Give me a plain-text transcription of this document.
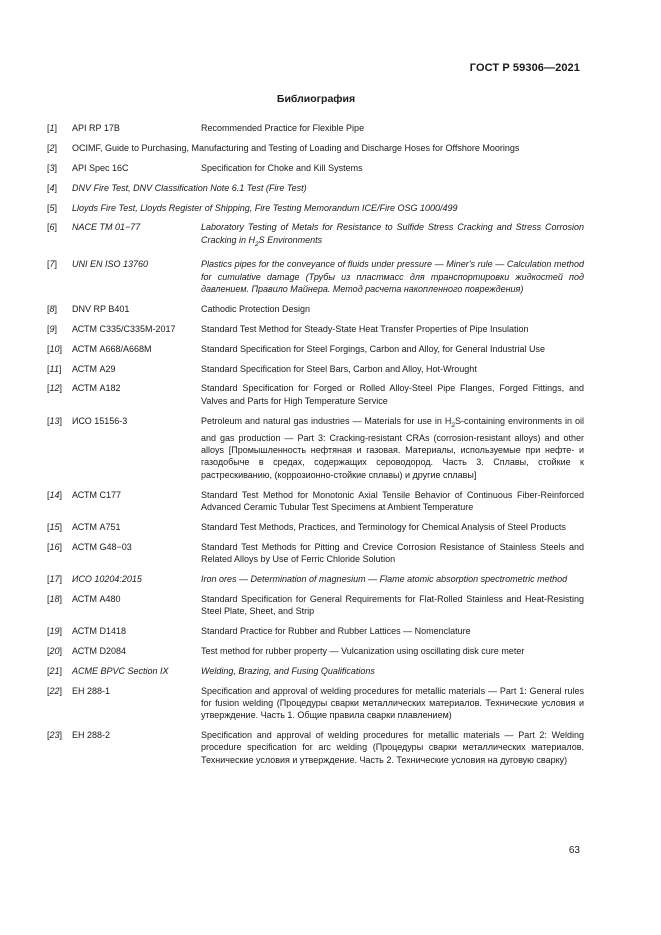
ГОСТ Р 59306—2021
Библиография
[1]	API RP 17B	Recommended Practice for Flexible Pipe
[2]	OCIMF, Guide to Purchasing, Manufacturing and Testing of Loading and Discharge Hoses for Offshore Moorings
[3]	API Spec 16C	Specification for Choke and Kill Systems
[4]	DNV Fire Test, DNV Classification Note 6.1 Test (Fire Test)
[5]	Lloyds Fire Test, Lloyds Register of Shipping, Fire Testing Memorandum ICE/Fire OSG 1000/499
[6]	NACE TM 01−77	Laboratory Testing of Metals for Resistance to Sulfide Stress Cracking and Stress Corrosion Cracking in $H_2S$ Environments
[7]	UNI EN ISO 13760	Plastics pipes for the conveyance of fluids under pressure — Miner's rule — Calculation method for cumulative damage (Трубы из пластмасс для транспортировки жидкостей под давлением. Правило Майнера. Метод расчета накопленного повреждения)
[8]	DNV RP B401	Cathodic Protection Design
[9]	АСТМ С335/С335М-2017	Standard Test Method for Steady-State Heat Transfer Properties of Pipe Insulation
[10]	АСТМ А668/А668М	Standard Specification for Steel Forgings, Carbon and Alloy, for General Industrial Use
[11]	АСТМ А29	Standard Specification for Steel Bars, Carbon and Alloy, Hot-Wrought
[12]	АСТМ А182	Standard Specification for Forged or Rolled Alloy-Steel Pipe Flanges, Forged Fittings, and Valves and Parts for High Temperature Service
[13]	ИСО 15156-3	Petroleum and natural gas industries — Materials for use in $H_2S$-containing environments in oil and gas production — Part 3: Cracking-resistant CRAs (corrosion-resistant alloys) and other alloys [Промышленность нефтяная и газовая. Материалы, используемые при нефте- и газодобыче в средах, содержащих сероводород. Часть 3. Сплавы, стойкие к растрескиванию, (коррозионно-стойкие сплавы) и другие сплавы]
[14]	АСТМ С177	Standard Test Method for Monotonic Axial Tensile Behavior of Continuous Fiber-Reinforced Advanced Ceramic Tubular Test Specimens at Ambient Temperature
[15]	АСТМ А751	Standard Test Methods, Practices, and Terminology for Chemical Analysis of Steel Products
[16]	АСТМ G48−03	Standard Test Methods for Pitting and Crevice Corrosion Resistance of Stainless Steels and Related Alloys by Use of Ferric Chloride Solution
[17]	ИСО 10204:2015	Iron ores — Determination of magnesium — Flame atomic absorption spectrometric method
[18]	АСТМ А480	Standard Specification for General Requirements for Flat-Rolled Stainless and Heat-Resisting Steel Plate, Sheet, and Strip
[19]	АСТМ D1418	Standard Practice for Rubber and Rubber Lattices — Nomenclature
[20]	АСТМ D2084	Test method for rubber property — Vulcanization using oscillating disk cure meter
[21]	ACME BPVC Section IX	Welding, Brazing, and Fusing Qualifications
[22]	ЕН 288-1	Specification and approval of welding procedures for metallic materials — Part 1: General rules for fusion welding (Процедуры сварки металлических материалов. Технические условия и утверждение. Часть 1. Общие правила сварки плавлением)
[23]	ЕН 288-2	Specification and approval of welding procedures for metallic materials — Part 2: Welding procedure specification for arc welding (Процедуры сварки металлических материалов. Технические условия и утверждение. Часть 2. Технические условия на дуговую сварку)
63
